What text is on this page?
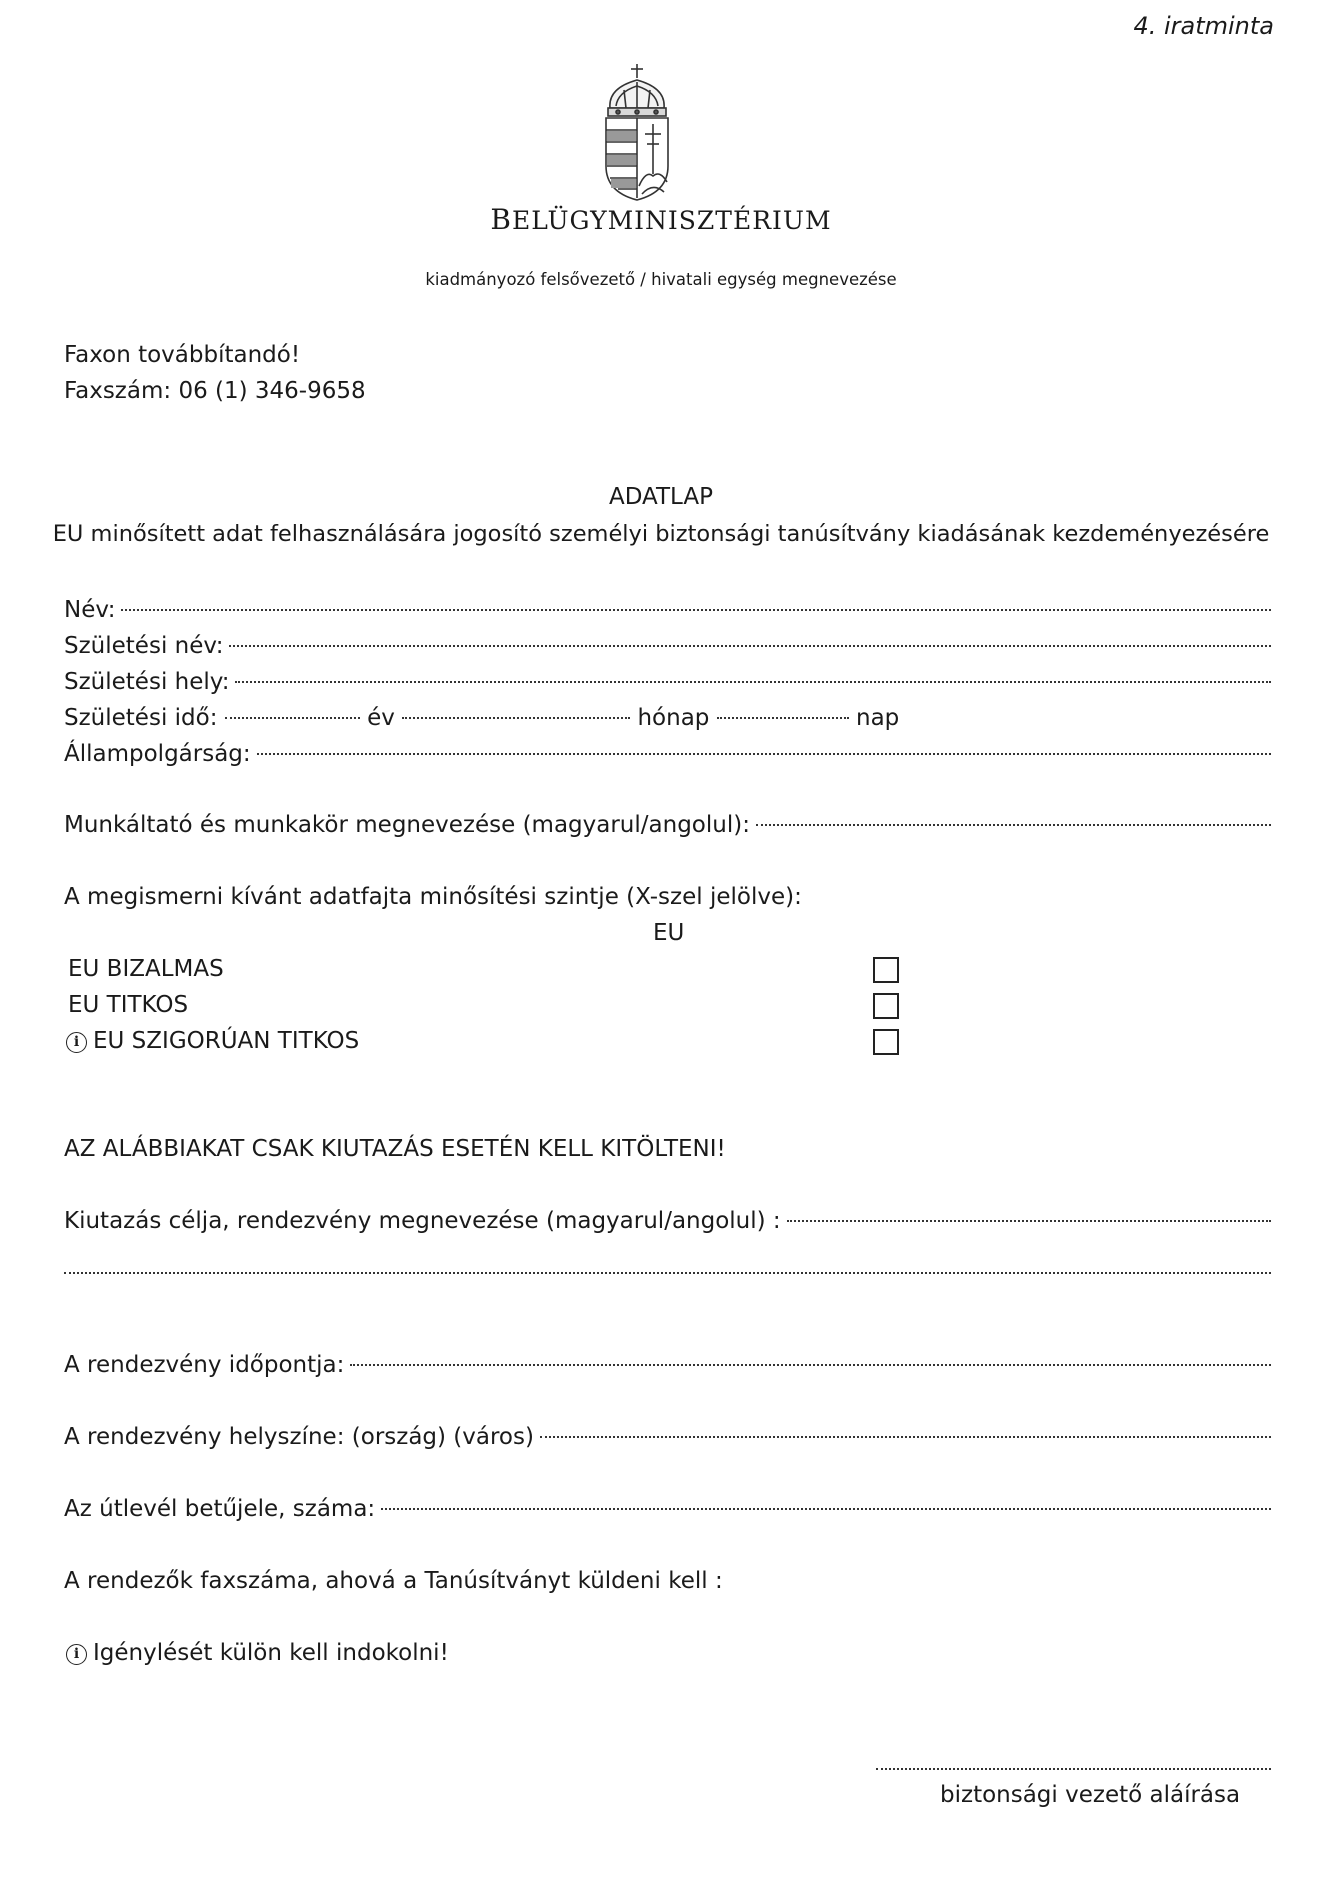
4. iratminta
BELÜGYMINISZTÉRIUM
kiadmányozó felsővezető / hivatali egység megnevezése
Faxon továbbítandó!
Faxszám: 06 (1) 346-9658
ADATLAP
EU minősített adat felhasználására jogosító személyi biztonsági tanúsítvány kiadásának kezdeményezésére
Név:
Születési név:
Születési hely:
Születési idő:	év	hónap	nap
Állampolgárság:
Munkáltató és munkakör megnevezése (magyarul/angolul):
A megismerni kívánt adatfajta minősítési szintje (X-szel jelölve):
EU
EU BIZALMAS
EU TITKOS
i EU SZIGORÚAN TITKOS
AZ ALÁBBIAKAT CSAK KIUTAZÁS ESETÉN KELL KITÖLTENI!
Kiutazás célja, rendezvény megnevezése (magyarul/angolul) :
A rendezvény időpontja:
A rendezvény helyszíne: (ország) (város)
Az útlevél betűjele, száma:
A rendezők faxszáma, ahová a Tanúsítványt küldeni kell :
i Igénylését külön kell indokolni!
biztonsági vezető aláírása
